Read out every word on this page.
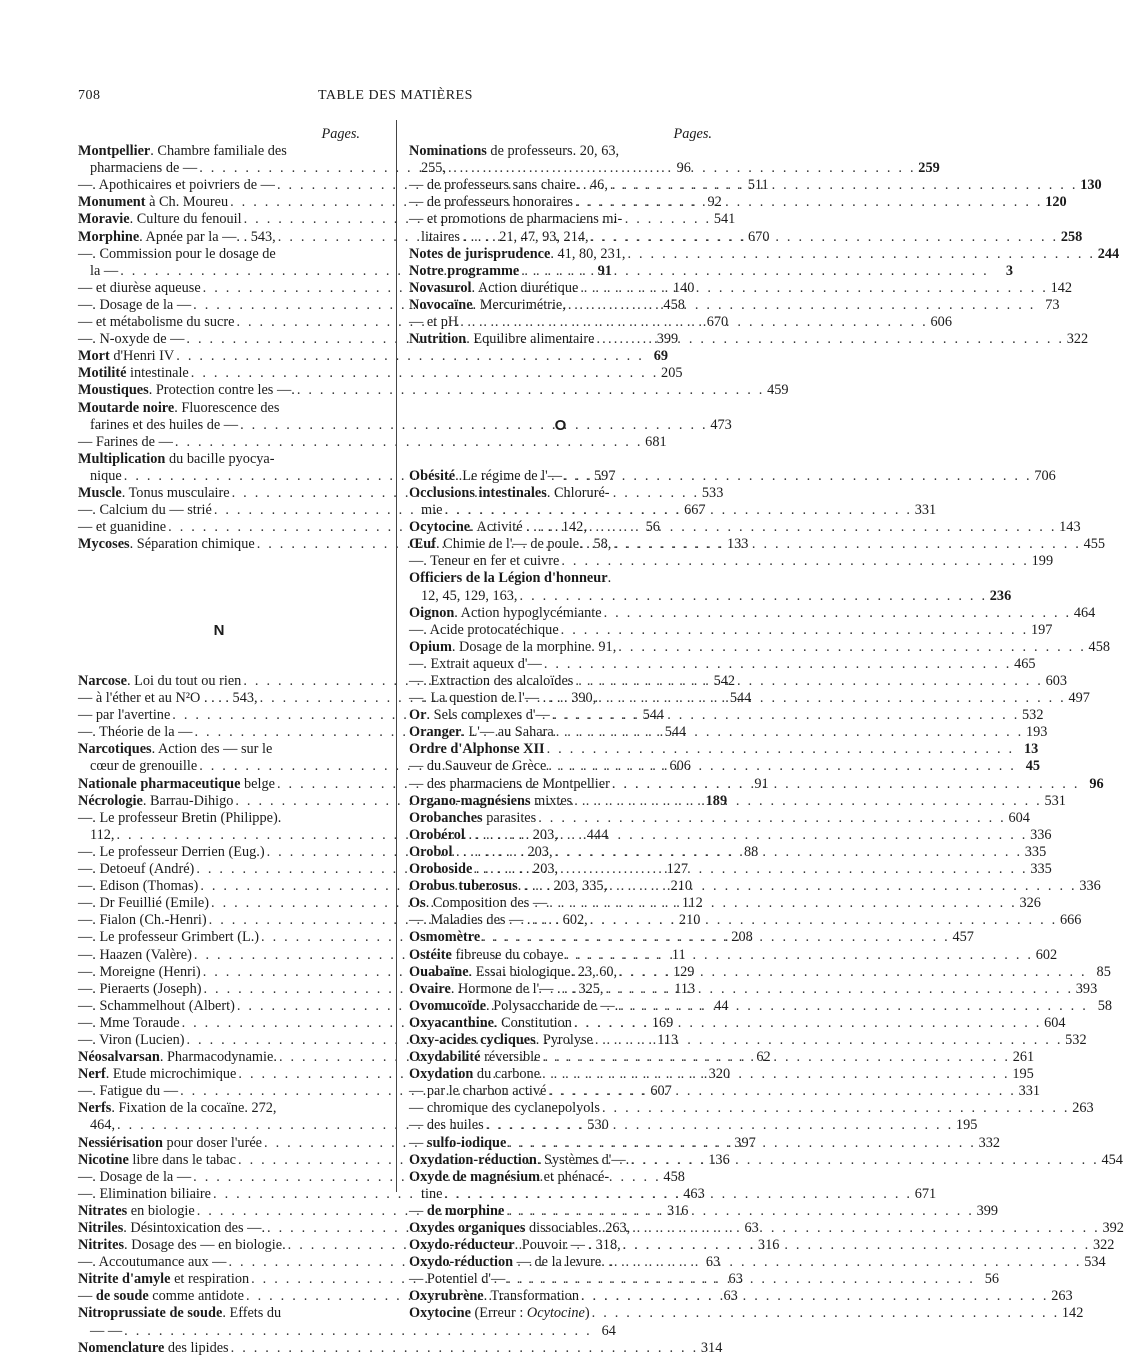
708	TABLE DES MATIÈRES
Pages.
Montpellier. Chambre familiale des
pharmaciens de — . . .	96
—. Apothicaires et poivriers de — . . .	511
Monument à Ch. Moureu . . .	92
Moravie. Culture du fenouil . . .	541
Morphine. Apnée par la —. . 543, . . .	670
—. Commission pour le dosage de
la — . . .	91
— et diurèse aqueuse . . .	140
—. Dosage de la — . . .	458
— et métabolisme du sucre . . .	670
—. N-oxyde de — . . .	399
Mort d'Henri IV . . .	69
Motilité intestinale . . .	205
Moustiques. Protection contre les —. . . .	459
Moutarde noire. Fluorescence des
farines et des huiles de — . . .	473
— Farines de — . . .	681
Multiplication du bacille pyocya-
nique . . .	597
Muscle. Tonus musculaire . . .	533
—. Calcium du — strié . . .	667
— et guanidine . . .	56
Mycoses. Séparation chimique . . .	133
N
Narcose. Loi du tout ou rien . . .	542
— à l'éther et au N²O . . . . 543, . . .	544
— par l'avertine . . .	544
—. Théorie de la — . . .	544
Narcotiques. Action des — sur le
cœur de grenouille . . .	606
Nationale pharmaceutique belge . . .	91
Nécrologie. Barrau-Dihigo . . .	189
—. Le professeur Bretin (Philippe).
112, . . .	444
—. Le professeur Derrien (Eug.) . . .	88
—. Detoeuf (André) . . .	127
—. Edison (Thomas) . . .	210
—. Dr Feuillié (Emile) . . .	112
—. Fialon (Ch.-Henri) . . .	210
—. Le professeur Grimbert (L.) . . .	208
—. Haazen (Valère) . . .	11
—. Moreigne (Henri) . . .	129
—. Pieraerts (Joseph) . . .	113
—. Schammelhout (Albert) . . .	44
—. Mme Toraude . . .	169
—. Viron (Lucien) . . .	113
Néosalvarsan. Pharmacodynamie. . . .	62
Nerf. Etude microchimique . . .	320
—. Fatigue du — . . .	607
Nerfs. Fixation de la cocaïne. 272,
464, . . .	530
Nessiérisation pour doser l'urée . . .	397
Nicotine libre dans le tabac . . .	136
—. Dosage de la — . . .	458
—. Elimination biliaire . . .	463
Nitrates en biologie . . .	316
Nitriles. Désintoxication des —. . . .	63
Nitrites. Dosage des — en biologie. . . .	316
—. Accoutumance aux — . . .	63
Nitrite d'amyle et respiration . . .	63
— de soude comme antidote . . .	63
Nitroprussiate de soude. Effets du
— — . . .	64
Nomenclature des lipides . . .	314
Pages.
Nominations de professeurs. 20, 63,
255, . . .	259
— de professeurs sans chaire. . 46, . . .	130
— de professeurs honoraires . . .	120
— et promotions de pharmaciens mi-
litaires . . . . . 21, 47, 93, 214, . . .	258
Notes de jurisprudence. 41, 80, 231, . . .	244
Notre programme . . .	3
Novasurol. Action diurétique . . .	142
Novocaïne. Mercurimétrie, . . .	73
— et pH . . .	606
Nutrition. Equilibre alimentaire . . .	322
O
Obésité. Le régime de l'— . . .	706
Occlusions intestinales. Chloruré-
mie . . .	331
Ocytocine. Activité . . . . . 142, . . .	143
Œuf. Chimie de l'— de poule. . 58, . . .	455
—. Teneur en fer et cuivre . . .	199
Officiers de la Légion d'honneur.
12, 45, 129, 163, . . .	236
Oignon. Action hypoglycémiante . . .	464
—. Acide protocatéchique . . .	197
Opium. Dosage de la morphine. 91, . . .	458
—. Extrait aqueux d'— . . .	465
—. Extraction des alcaloïdes . . .	603
—. La question de l'— . . . . 390, . . .	497
Or. Sels complexes d'— . . .	532
Oranger. L'— au Sahara . . .	193
Ordre d'Alphonse XII . . .	13
— du Sauveur de Grèce . . .	45
— des pharmaciens de Montpellier . . .	96
Organo-magnésiens mixtes . . .	531
Orobanches parasites . . .	604
Orobérol . . . . . . . . . 203, . . .	336
Orobol . . . . . . . . . . 203, . . .	335
Oroboside . . . . . . . . 203, . . .	335
Orobus tuberosus. . . . . 203, 335, . . .	336
Os. Composition des — . . .	326
—. Maladies des — . . . . . 602, . . .	666
Osmomètre . . .	457
Ostéite fibreuse du cobaye . . .	602
Ouabaïne. Essai biologique. 23, 60, . . .	85
Ovaire. Hormone de l'— . . . 325, . . .	393
Ovomucoïde. Polysaccharide de —. . . .	58
Oxyacanthine. Constitution . . .	604
Oxy-acides cycliques. Pyrolyse . . .	532
Oxydabilité réversible . . .	261
Oxydation du carbone . . .	195
— par le charbon activé . . .	331
— chromique des cyclanepolyols . . .	263
— des huiles . . .	195
— sulfo-iodique . . .	332
Oxydation-réduction. Systèmes d'—. . . .	454
Oxyde de magnésium et phénacé-
tine . . .	671
— de morphine . . .	399
Oxydes organiques dissociables. 263, . . .	392
Oxydo-réducteur. Pouvoir — . 318, . . .	322
Oxydo-réduction — de la levure. . . . .	534
— Potentiel d'— . . .	56
Oxyrubrène. Transformation . . .	263
Oxytocine (Erreur : Ocytocine) . . .	142
